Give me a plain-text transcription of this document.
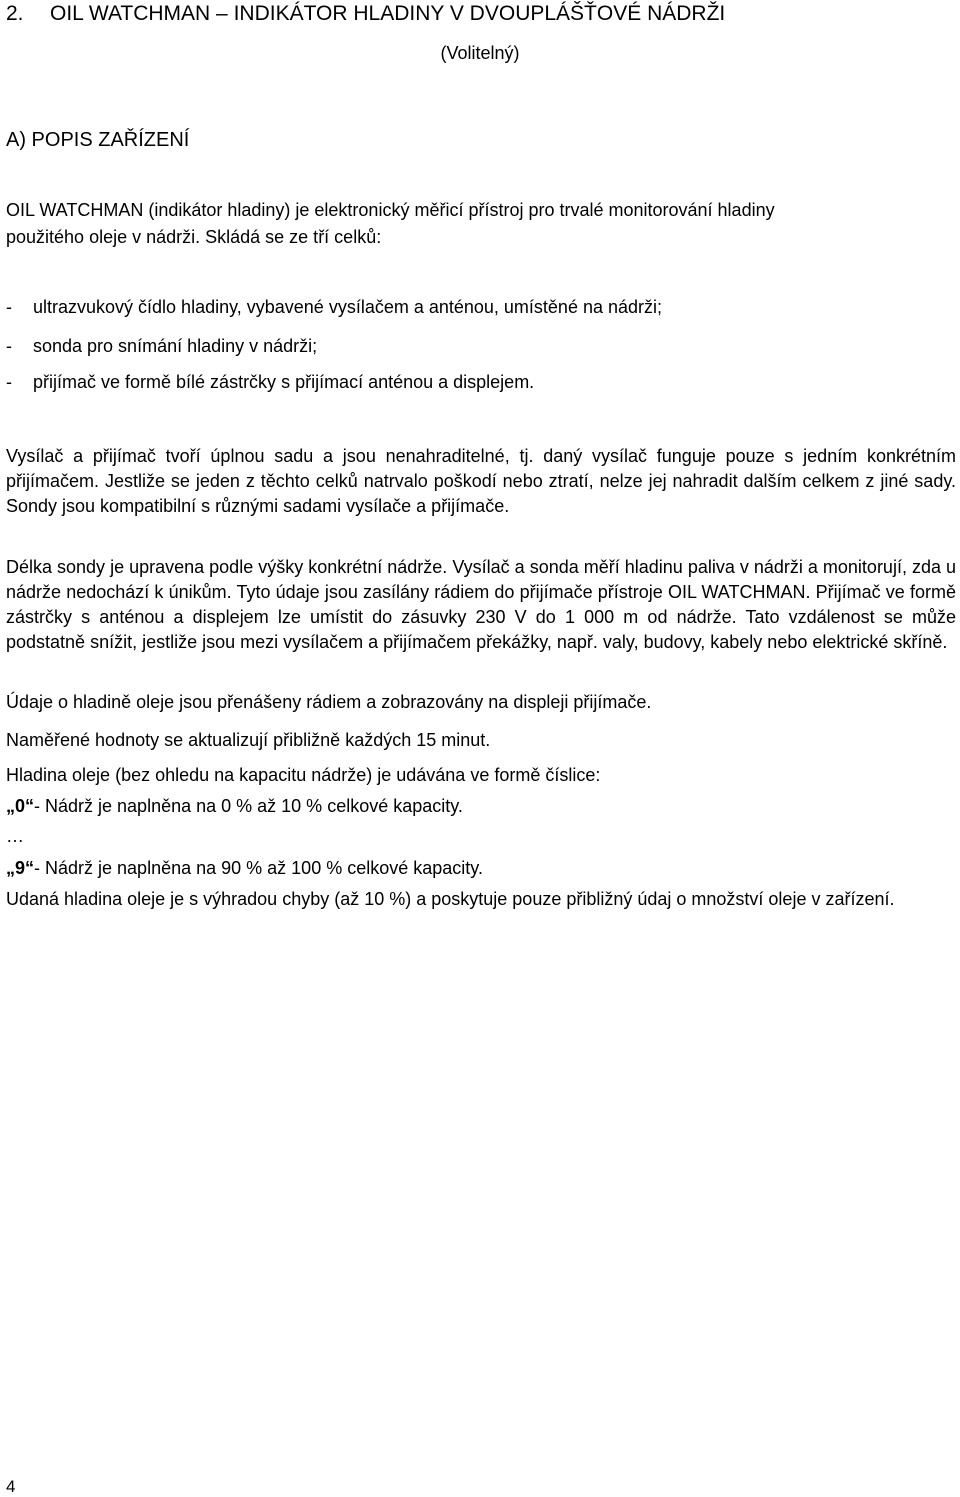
2. OIL WATCHMAN – INDIKÁTOR HLADINY V DVOUPLÁŠŤOVÉ NÁDRŽI

(Volitelný)

A) POPIS ZAŘÍZENÍ

OIL WATCHMAN (indikátor hladiny) je elektronický měřicí přístroj pro trvalé monitorování hladiny

použitého oleje v nádrži. Skládá se ze tří celků:

- ultrazvukový čídlo hladiny, vybavené vysílačem a anténou, umístěné na nádrži;

- sonda pro snímání hladiny v nádrži;

- přijímač ve formě bílé zástrčky s přijímací anténou a displejem.

Vysílač a přijímač tvoří úplnou sadu a jsou nenahraditelné, tj. daný vysílač funguje pouze s jedním konkrétním přijímačem. Jestliže se jeden z těchto celků natrvalo poškodí nebo ztratí, nelze jej nahradit dalším celkem z jiné sady. Sondy jsou kompatibilní s různými sadami vysílače a přijímače.

Délka sondy je upravena podle výšky konkrétní nádrže. Vysílač a sonda měří hladinu paliva v nádrži a monitorují, zda u nádrže nedochází k únikům. Tyto údaje jsou zasílány rádiem do přijímače přístroje OIL WATCHMAN. Přijímač ve formě zástrčky s anténou a displejem lze umístit do zásuvky 230 V do 1 000 m od nádrže. Tato vzdálenost se může podstatně snížit, jestliže jsou mezi vysílačem a přijímačem překážky, např. valy, budovy, kabely nebo elektrické skříně.

Údaje o hladině oleje jsou přenášeny rádiem a zobrazovány na displeji přijímače.

Naměřené hodnoty se aktualizují přibližně každých 15 minut.

Hladina oleje (bez ohledu na kapacitu nádrže) je udávána ve formě číslice:

„0“- Nádrž je naplněna na 0 % až 10 % celkové kapacity.

…

„9“- Nádrž je naplněna na 90 % až 100 % celkové kapacity.

Udaná hladina oleje je s výhradou chyby (až 10 %) a poskytuje pouze přibližný údaj o množství oleje v zařízení.

4
